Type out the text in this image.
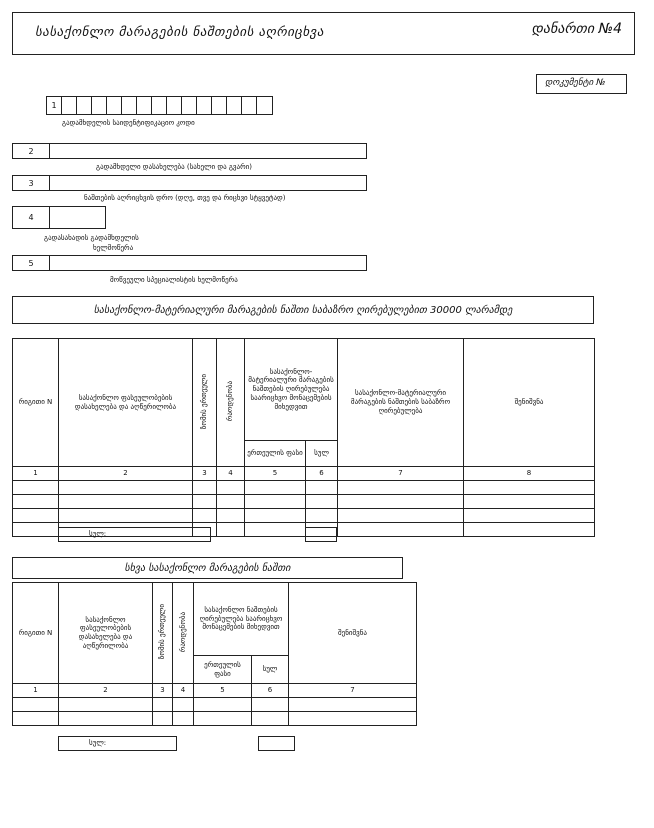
სასაქონლო მარაგების ნაშთების აღრიცხვა	დანართი №4
დოკუმენტი №
1
გადამხდელის საიდენტიფიკაციო კოდი
2
გადამხდელი დასახელება (სახელი და გვარი)
3
ნაშთების აღრიცხვის დრო (დღე, თვე და რიცხვი სტყვეტად)
4
გადასახადის გადამხდელის
ხელმოწერა
5
მოწვეული სპეციალისტის ხელმოწერა
სასაქონლო-მატერიალური მარაგების ნაშთი საბაზრო ღირებულებით 30000 ლარამდე
რიგითი N	სასაქონლო ფასეულობების დასახელება და აღწერილობა	ზომის ერთეული	რაოდენობა	სასაქონლო-მატერიალური მარაგების ნაშთების ღირებულება საარიცხვო მონაცემების მიხედვით		სასაქონლო-მატერიალური მარაგების ნაშთების საბაზრო ღირებულება	შენიშვნა
				ერთეულის ფასი	სულ		
1	2	3	4	5	6	7	8

სულ:
სხვა სასაქონლო მარაგების ნაშთი
რიგითი N	სასაქონლო ფასეულობების დასახელება და აღწერილობა	ზომის ერთეული	რაოდენობა	სასაქონლო ნაშთების ღირებულება საარიცხვო მონაცემების მიხედვით		შენიშვნა
				ერთეულის ფასი	სულ	
1	2	3	4	5	6	7

სულ:
